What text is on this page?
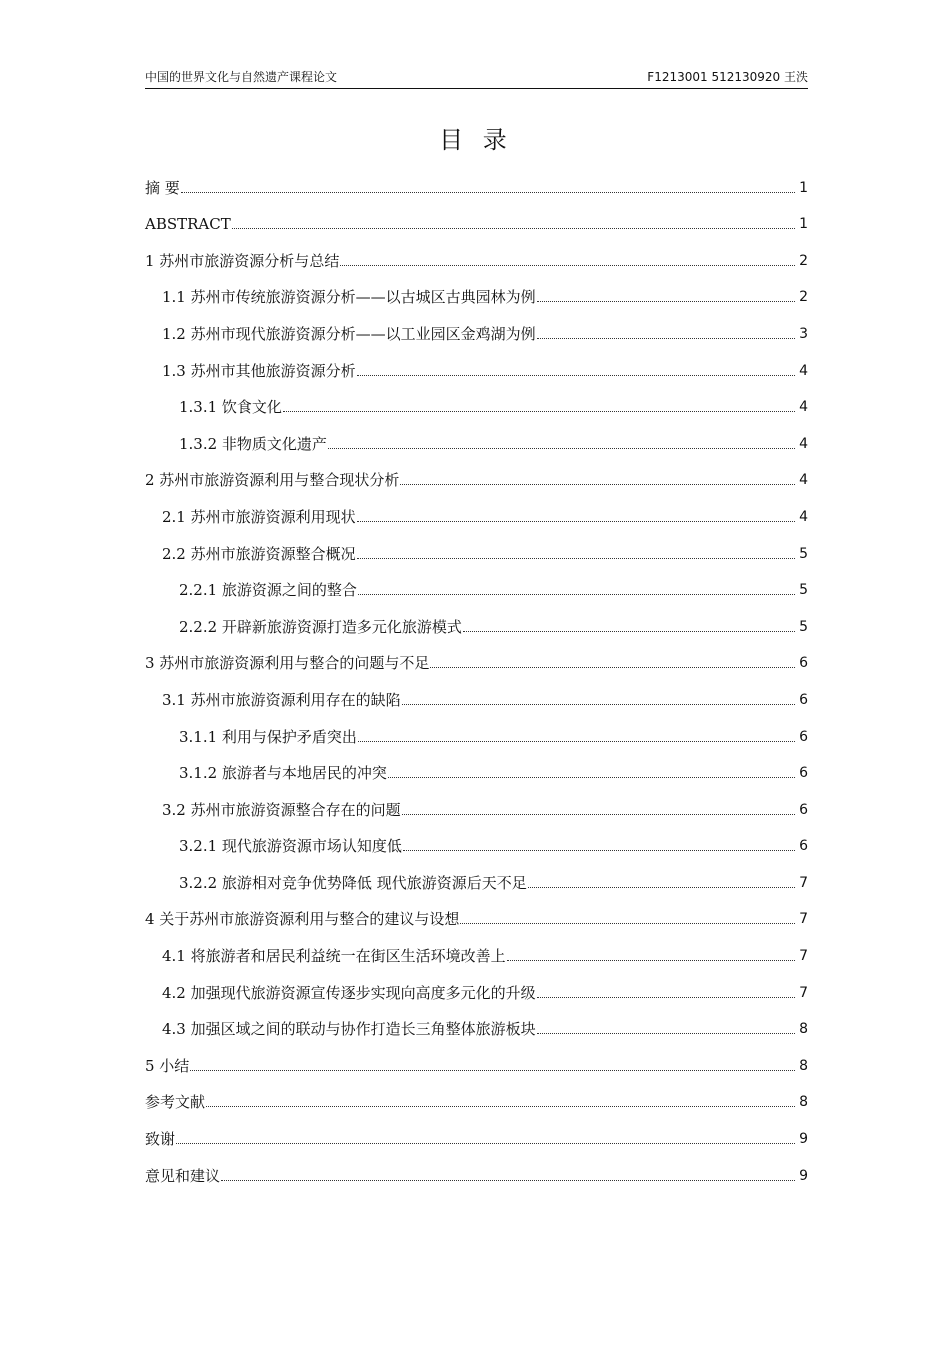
中国的世界文化与自然遗产课程论文	F1213001 512130920 王泆
目 录
摘 要	1
ABSTRACT	1
1 苏州市旅游资源分析与总结	2
1.1 苏州市传统旅游资源分析——以古城区古典园林为例	2
1.2 苏州市现代旅游资源分析——以工业园区金鸡湖为例	3
1.3 苏州市其他旅游资源分析	4
1.3.1 饮食文化	4
1.3.2 非物质文化遗产	4
2 苏州市旅游资源利用与整合现状分析	4
2.1 苏州市旅游资源利用现状	4
2.2 苏州市旅游资源整合概况	5
2.2.1 旅游资源之间的整合	5
2.2.2 开辟新旅游资源打造多元化旅游模式	5
3 苏州市旅游资源利用与整合的问题与不足	6
3.1 苏州市旅游资源利用存在的缺陷	6
3.1.1 利用与保护矛盾突出	6
3.1.2 旅游者与本地居民的冲突	6
3.2 苏州市旅游资源整合存在的问题	6
3.2.1 现代旅游资源市场认知度低	6
3.2.2 旅游相对竞争优势降低 现代旅游资源后天不足	7
4 关于苏州市旅游资源利用与整合的建议与设想	7
4.1 将旅游者和居民利益统一在街区生活环境改善上	7
4.2 加强现代旅游资源宣传逐步实现向高度多元化的升级	7
4.3 加强区域之间的联动与协作打造长三角整体旅游板块	8
5 小结	8
参考文献	8
致谢	9
意见和建议	9
